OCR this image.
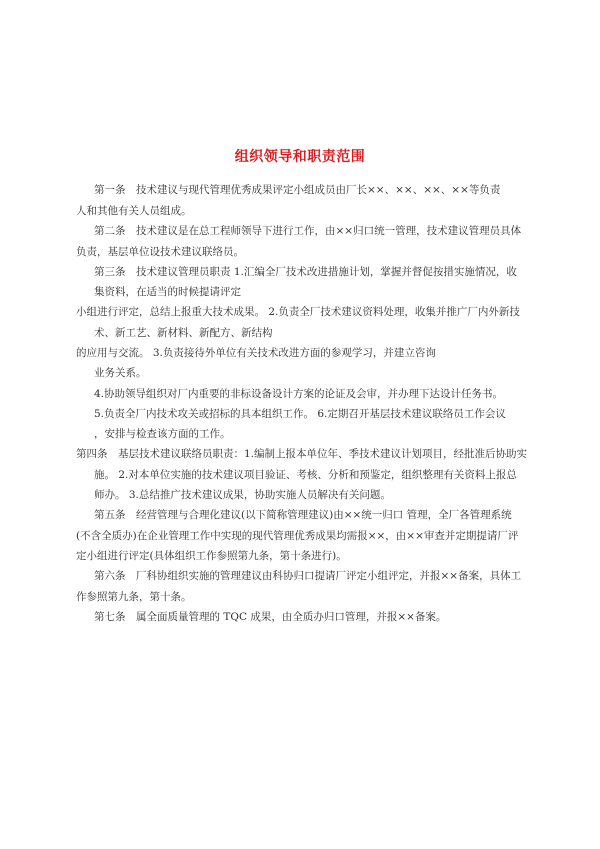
组织领导和职责范围
第一条　技术建议与现代管理优秀成果评定小组成员由厂长××、××、××、××等负责
人和其他有关人员组成。
第二条　技术建议是在总工程师领导下进行工作，由××归口统一管理，技术建议管理员具体
负责，基层单位设技术建议联络员。
第三条　技术建议管理员职责 1.汇编全厂技术改进措施计划，掌握并督促按措实施情况，收
集资料，在适当的时候提请评定
小组进行评定，总结上报重大技术成果。 2.负责全厂技术建议资料处理，收集并推广厂内外新技
术、新工艺、新材料、新配方、新结构
的应用与交流。 3.负责接待外单位有关技术改进方面的参观学习，并建立咨询
业务关系。
4.协助领导组织对厂内重要的非标设备设计方案的论证及会审，并办理下达设计任务书。
5.负责全厂内技术攻关或招标的具本组织工作。 6.定期召开基层技术建议联络员工作会议
，安排与检查该方面的工作。
第四条　基层技术建议联络员职责：1.编制上报本单位年、季技术建议计划项目，经批准后协助实
施。 2.对本单位实施的技术建议项目验证、考核、分析和预鉴定，组织整理有关资料上报总
师办。 3.总结推广技术建议成果，协助实施人员解决有关问题。
第五条　经营管理与合理化建议(以下简称管理建议)由××统一归口 管理，全厂各管理系统
(不含全质办)在企业管理工作中实现的现代管理优秀成果均需报××，由××审查并定期提请厂评
定小组进行评定(具体组织工作参照第九条，第十条进行)。
第六条　厂科协组织实施的管理建议由科协归口提请厂评定小组评定，并报××备案，具体工
作参照第九条，第十条。
第七条　属全面质量管理的 TQC 成果，由全质办归口管理，并报××备案。
